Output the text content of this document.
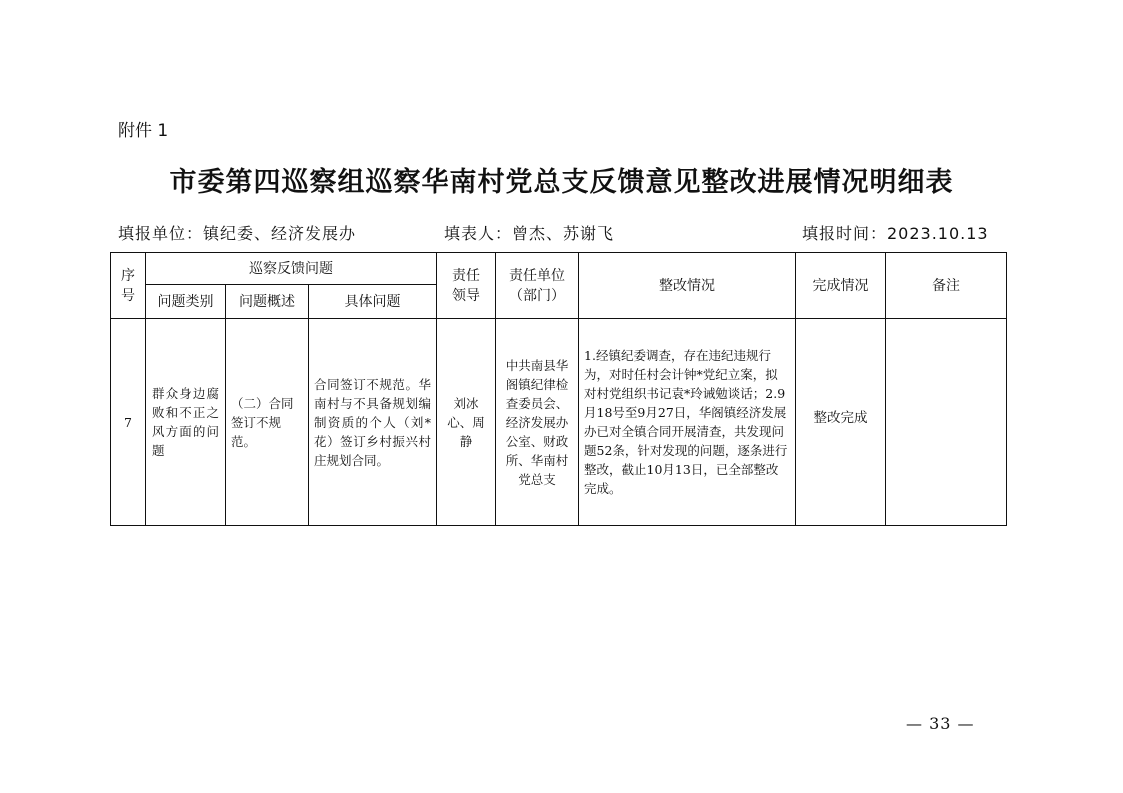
附件 1
市委第四巡察组巡察华南村党总支反馈意见整改进展情况明细表
填报单位：镇纪委、经济发展办	填表人：曾杰、苏谢飞	填报时间：2023.10.13
序号	巡察反馈问题			责任领导	责任单位（部门）	整改情况	完成情况	备注
	问题类别	问题概述	具体问题					
7	群众身边腐败和不正之风方面的问题	（二）合同签订不规范。	合同签订不规范。华南村与不具备规划编制资质的个人（刘*花）签订乡村振兴村庄规划合同。	刘冰心、周静	中共南县华阁镇纪律检查委员会、经济发展办公室、财政所、华南村党总支	1.经镇纪委调查，存在违纪违规行为，对时任村会计钟*党纪立案，拟对村党组织书记袁*玲诫勉谈话；2.9月18号至9月27日，华阁镇经济发展办已对全镇合同开展清查，共发现问题52条，针对发现的问题，逐条进行整改，截止10月13日，已全部整改完成。	整改完成	
— 33 —
